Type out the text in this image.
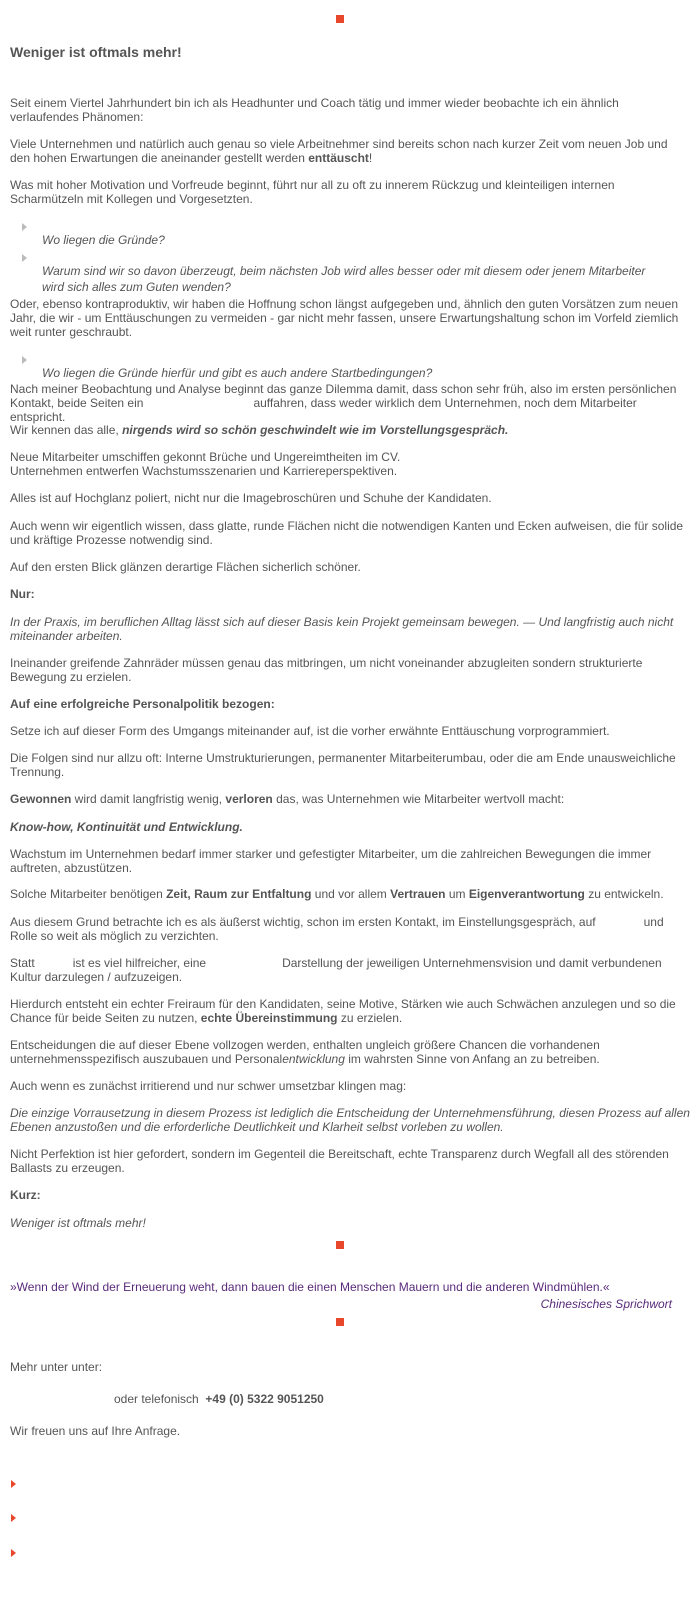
Weniger ist oftmals mehr!

Seit einem Viertel Jahrhundert bin ich als Headhunter und Coach tätig und immer wieder beobachte ich ein ähnlich verlaufendes Phänomen:

Viele Unternehmen und natürlich auch genau so viele Arbeitnehmer sind bereits schon nach kurzer Zeit vom neuen Job und den hohen Erwartungen die aneinander gestellt werden enttäuscht!

Was mit hoher Motivation und Vorfreude beginnt, führt nur all zu oft zu innerem Rückzug und kleinteiligen internen Scharmützeln mit Kollegen und Vorgesetzten.

Wo liegen die Gründe?

Warum sind wir so davon überzeugt, beim nächsten Job wird alles besser oder mit diesem oder jenem Mitarbeiter wird sich alles zum Guten wenden?

Oder, ebenso kontraproduktiv, wir haben die Hoffnung schon längst aufgegeben und, ähnlich den guten Vorsätzen zum neuen Jahr, die wir - um Enttäuschungen zu vermeiden - gar nicht mehr fassen, unsere Erwartungshaltung schon im Vorfeld ziemlich weit runter geschraubt.

Wo liegen die Gründe hierfür und gibt es auch andere Startbedingungen?

Nach meiner Beobachtung und Analyse beginnt das ganze Dilemma damit, dass schon sehr früh, also im ersten persönlichen Kontakt, beide Seiten ein	auffahren, dass weder wirklich dem Unternehmen, noch dem Mitarbeiter entspricht.

Wir kennen das alle, nirgends wird so schön geschwindelt wie im Vorstellungsgespräch.

Neue Mitarbeiter umschiffen gekonnt Brüche und Ungereimtheiten im CV.
Unternehmen entwerfen Wachstumsszenarien und Karriereperspektiven.

Alles ist auf Hochglanz poliert, nicht nur die Imagebroschüren und Schuhe der Kandidaten.

Auch wenn wir eigentlich wissen, dass glatte, runde Flächen nicht die notwendigen Kanten und Ecken aufweisen, die für solide und kräftige Prozesse notwendig sind.

Auf den ersten Blick glänzen derartige Flächen sicherlich schöner.

Nur:

In der Praxis, im beruflichen Alltag lässt sich auf dieser Basis kein Projekt gemeinsam bewegen. — Und langfristig auch nicht miteinander arbeiten.

Ineinander greifende Zahnräder müssen genau das mitbringen, um nicht voneinander abzugleiten sondern strukturierte Bewegung zu erzielen.

Auf eine erfolgreiche Personalpolitik bezogen:

Setze ich auf dieser Form des Umgangs miteinander auf, ist die vorher erwähnte Enttäuschung vorprogrammiert.

Die Folgen sind nur allzu oft: Interne Umstrukturierungen, permanenter Mitarbeiterumbau, oder die am Ende unausweichliche Trennung.

Gewonnen wird damit langfristig wenig, verloren das, was Unternehmen wie Mitarbeiter wertvoll macht:

Know-how, Kontinuität und Entwicklung.

Wachstum im Unternehmen bedarf immer starker und gefestigter Mitarbeiter, um die zahlreichen Bewegungen die immer auftreten, abzustützen.

Solche Mitarbeiter benötigen Zeit, Raum zur Entfaltung und vor allem Vertrauen um Eigenverantwortung zu entwickeln.

Aus diesem Grund betrachte ich es als äußerst wichtig, schon im ersten Kontakt, im Einstellungsgespräch, auf	und Rolle so weit als möglich zu verzichten.

Statt	ist es viel hilfreicher, eine	Darstellung der jeweiligen Unternehmensvision und damit verbundenen Kultur darzulegen / aufzuzeigen.

Hierdurch entsteht ein echter Freiraum für den Kandidaten, seine Motive, Stärken wie auch Schwächen anzulegen und so die Chance für beide Seiten zu nutzen, echte Übereinstimmung zu erzielen.

Entscheidungen die auf dieser Ebene vollzogen werden, enthalten ungleich größere Chancen die vorhandenen unternehmensspezifisch auszubauen und Personalentwicklung im wahrsten Sinne von Anfang an zu betreiben.

Auch wenn es zunächst irritierend und nur schwer umsetzbar klingen mag:

Die einzige Vorrausetzung in diesem Prozess ist lediglich die Entscheidung der Unternehmensführung, diesen Prozess auf allen Ebenen anzustoßen und die erforderliche Deutlichkeit und Klarheit selbst vorleben zu wollen.

Nicht Perfektion ist hier gefordert, sondern im Gegenteil die Bereitschaft, echte Transparenz durch Wegfall all des störenden Ballasts zu erzeugen.

Kurz:

Weniger ist oftmals mehr!

»Wenn der Wind der Erneuerung weht, dann bauen die einen Menschen Mauern und die anderen Windmühlen.«

Chinesisches Sprichwort

Mehr unter unter:

oder telefonisch +49 (0) 5322 9051250

Wir freuen uns auf Ihre Anfrage.
